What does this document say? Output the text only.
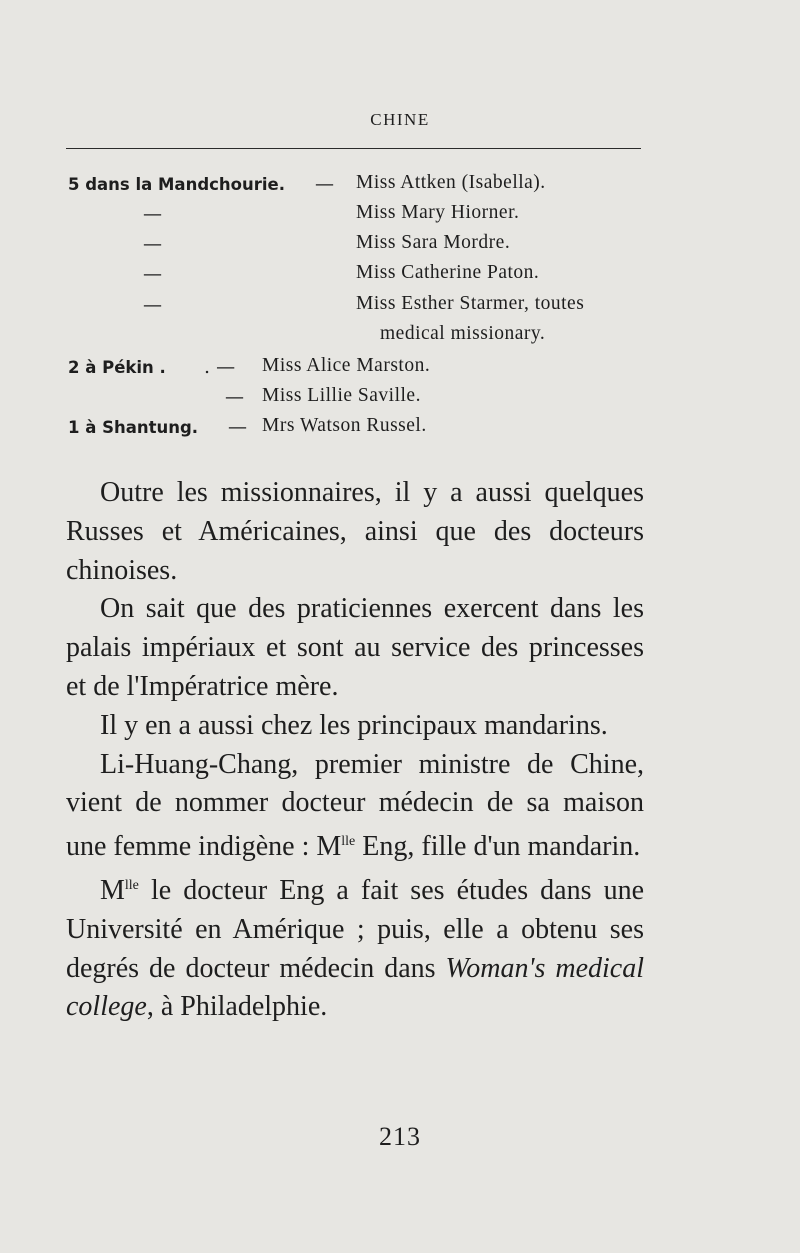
CHINE
5 dans la Mandchourie. — Miss Attken (Isabella).
—	Miss Mary Hiorner.
—	Miss Sara Mordre.
—	Miss Catherine Paton.
—	Miss Esther Starmer, toutes
medical missionary.
2 à Pékin . . — Miss Alice Marston.
— Miss Lillie Saville.
1 à Shantung. — Mrs Watson Russel.

Outre les missionnaires, il y a aussi quelques Russes et Américaines, ainsi que des docteurs chinoises.

On sait que des praticiennes exercent dans les palais impériaux et sont au service des princesses et de l'Impératrice mère.

Il y en a aussi chez les principaux mandarins.

Li-Huang-Chang, premier ministre de Chine, vient de nommer docteur médecin de sa maison une femme indigène : $M^{lle}$ Eng, fille d'un mandarin.

$M^{lle}$ le docteur Eng a fait ses études dans une Université en Amérique ; puis, elle a obtenu ses degrés de docteur médecin dans Woman's medical college, à Philadelphie.

213
